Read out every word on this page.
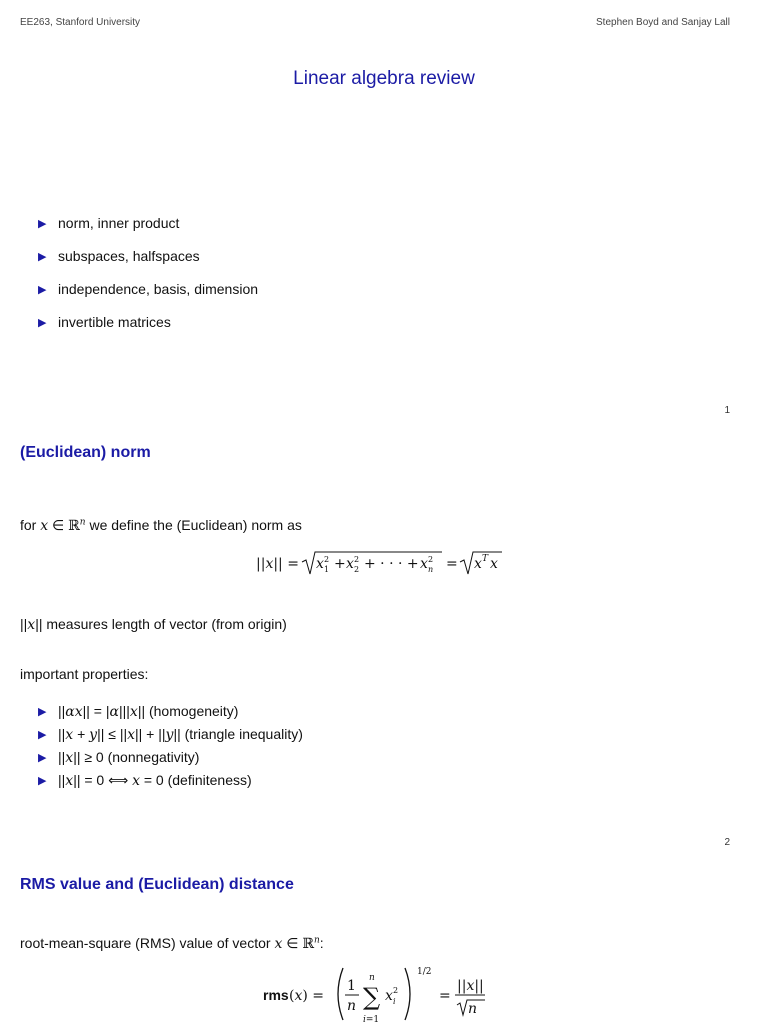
EE263, Stanford University	Stephen Boyd and Sanjay Lall
Linear algebra review
▶ norm, inner product
▶ subspaces, halfspaces
▶ independence, basis, dimension
▶ invertible matrices
1
(Euclidean) norm
for x ∈ ℝ$^n$ we define the (Euclidean) norm as
||x|| = x 2
1 + x 2
2 + · · · + x 2
n = x T x
||x|| measures length of vector (from origin)
important properties:
▶ ||αx|| = |α|||x|| (homogeneity)
▶ ||x + y|| ≤ ||x|| + ||y|| (triangle inequality)
▶ ||x|| ≥ 0 (nonnegativity)
▶ ||x|| = 0 ⟺ x = 0 (definiteness)
2
RMS value and (Euclidean) distance
root-mean-square (RMS) value of vector x ∈ ℝ$^n$:
rms (x) =
1
n
n
∑
i=1
x 2
i
1/2
=
||x||
n
